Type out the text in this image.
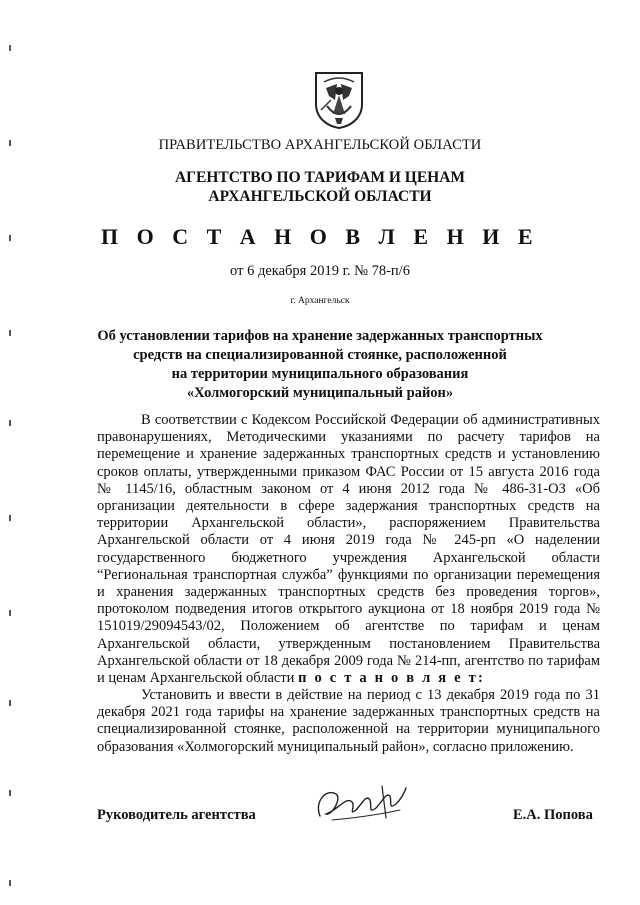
ПРАВИТЕЛЬСТВО АРХАНГЕЛЬСКОЙ ОБЛАСТИ
АГЕНТСТВО ПО ТАРИФАМ И ЦЕНАМ
АРХАНГЕЛЬСКОЙ ОБЛАСТИ
П О С Т А Н О В Л Е Н И Е
от 6 декабря 2019 г. № 78-п/6
г. Архангельск
Об установлении тарифов на хранение задержанных транспортных
средств на специализированной стоянке, расположенной
на территории муниципального образования
«Холмогорский муниципальный район»
В соответствии с Кодексом Российской Федерации об административных правонарушениях, Методическими указаниями по расчету тарифов на перемещение и хранение задержанных транспортных средств и установлению сроков оплаты, утвержденными приказом ФАС России от 15 августа 2016 года № 1145/16, областным законом от 4 июня 2012 года № 486-31-ОЗ «Об организации деятельности в сфере задержания транспортных средств на территории Архангельской области», распоряжением Правительства Архангельской области от 4 июня 2019 года № 245-рп «О наделении государственного бюджетного учреждения Архангельской области “Региональная транспортная служба” функциями по организации перемещения и хранения задержанных транспортных средств без проведения торгов», протоколом подведения итогов открытого аукциона от 18 ноября 2019 года № 151019/29094543/02, Положением об агентстве по тарифам и ценам Архангельской области, утвержденным постановлением Правительства Архангельской области от 18 декабря 2009 года № 214-пп, агентство по тарифам и ценам Архангельской области п о с т а н о в л я е т:
Установить и ввести в действие на период с 13 декабря 2019 года по 31 декабря 2021 года тарифы на хранение задержанных транспортных средств на специализированной стоянке, расположенной на территории муниципального образования «Холмогорский муниципальный район», согласно приложению.
Руководитель агентства	Е.А. Попова
